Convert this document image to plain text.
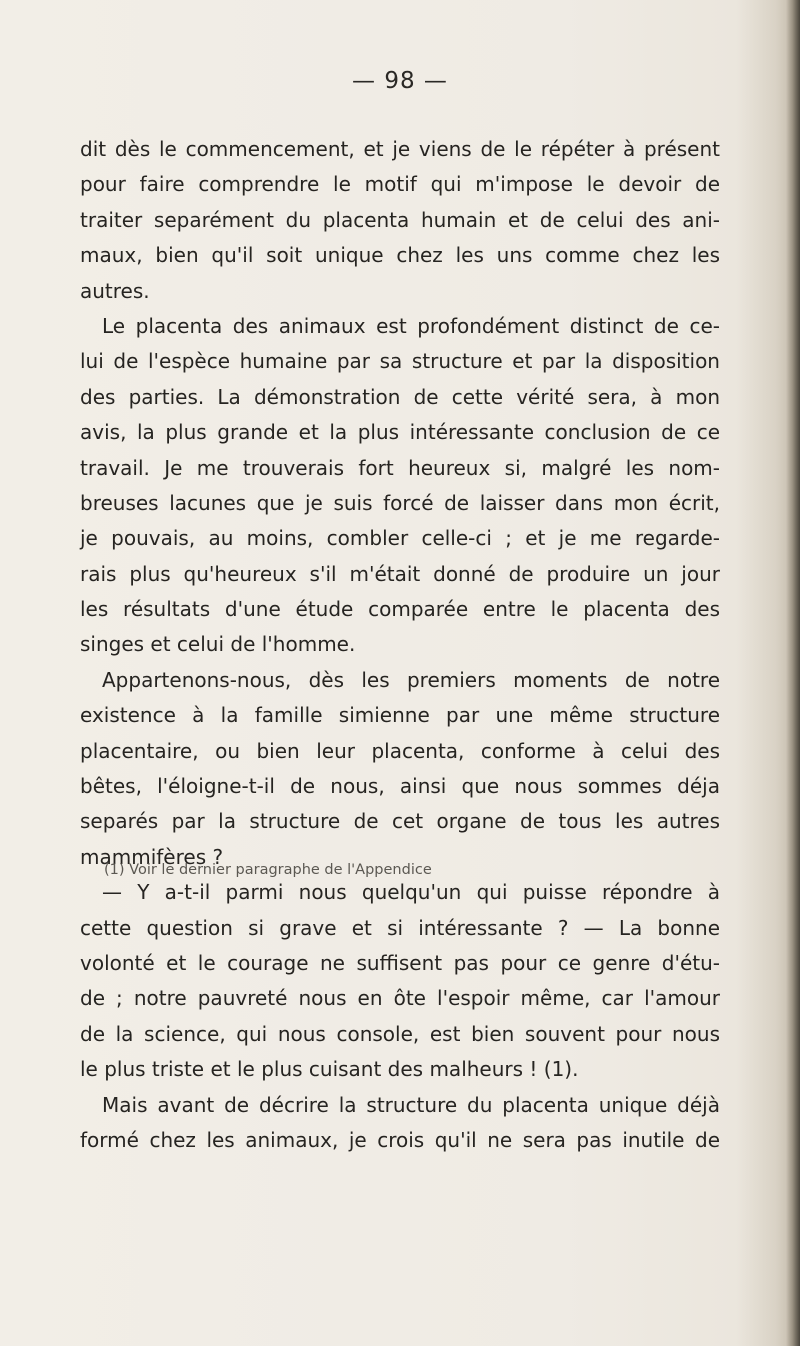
— 98 —
dit dès le commencement, et je viens de le répéter à présent
pour faire comprendre le motif qui m'impose le devoir de
traiter separément du placenta humain et de celui des ani-
maux, bien qu'il soit unique chez les uns comme chez les
autres.
Le placenta des animaux est profondément distinct de ce-
lui de l'espèce humaine par sa structure et par la disposition
des parties. La démonstration de cette vérité sera, à mon
avis, la plus grande et la plus intéressante conclusion de ce
travail. Je me trouverais fort heureux si, malgré les nom-
breuses lacunes que je suis forcé de laisser dans mon écrit,
je pouvais, au moins, combler celle-ci ; et je me regarde-
rais plus qu'heureux s'il m'était donné de produire un jour
les résultats d'une étude comparée entre le placenta des
singes et celui de l'homme.
Appartenons-nous, dès les premiers moments de notre
existence à la famille simienne par une même structure
placentaire, ou bien leur placenta, conforme à celui des
bêtes, l'éloigne-t-il de nous, ainsi que nous sommes déja
separés par la structure de cet organe de tous les autres
mammifères ?
— Y a-t-il parmi nous quelqu'un qui puisse répondre à
cette question si grave et si intéressante ? — La bonne
volonté et le courage ne suffisent pas pour ce genre d'étu-
de ; notre pauvreté nous en ôte l'espoir même, car l'amour
de la science, qui nous console, est bien souvent pour nous
le plus triste et le plus cuisant des malheurs ! (1).
Mais avant de décrire la structure du placenta unique déjà
formé chez les animaux, je crois qu'il ne sera pas inutile de
(1) Voir le dernier paragraphe de l'Appendice
